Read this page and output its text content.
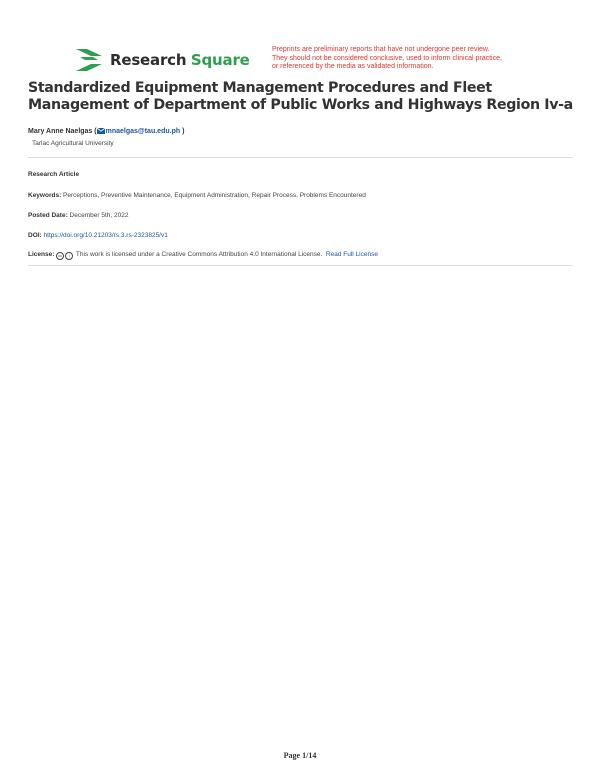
Research Square
Preprints are preliminary reports that have not undergone peer review.
They should not be considered conclusive, used to inform clinical practice,
or referenced by the media as validated information.
Standardized Equipment Management Procedures and Fleet Management of Department of Public Works and Highways Region Iv-a
Mary Anne Naelgas ( mnaelgas@tau.edu.ph )
Tarlac Agricultural University
Research Article
Keywords: Perceptions, Preventive Maintenance, Equipment Administration, Repair Process, Problems Encountered
Posted Date: December 5th, 2022
DOI: https://doi.org/10.21203/rs.3.rs-2323825/v1
License: cc i This work is licensed under a Creative Commons Attribution 4.0 International License. Read Full License
Page 1/14
